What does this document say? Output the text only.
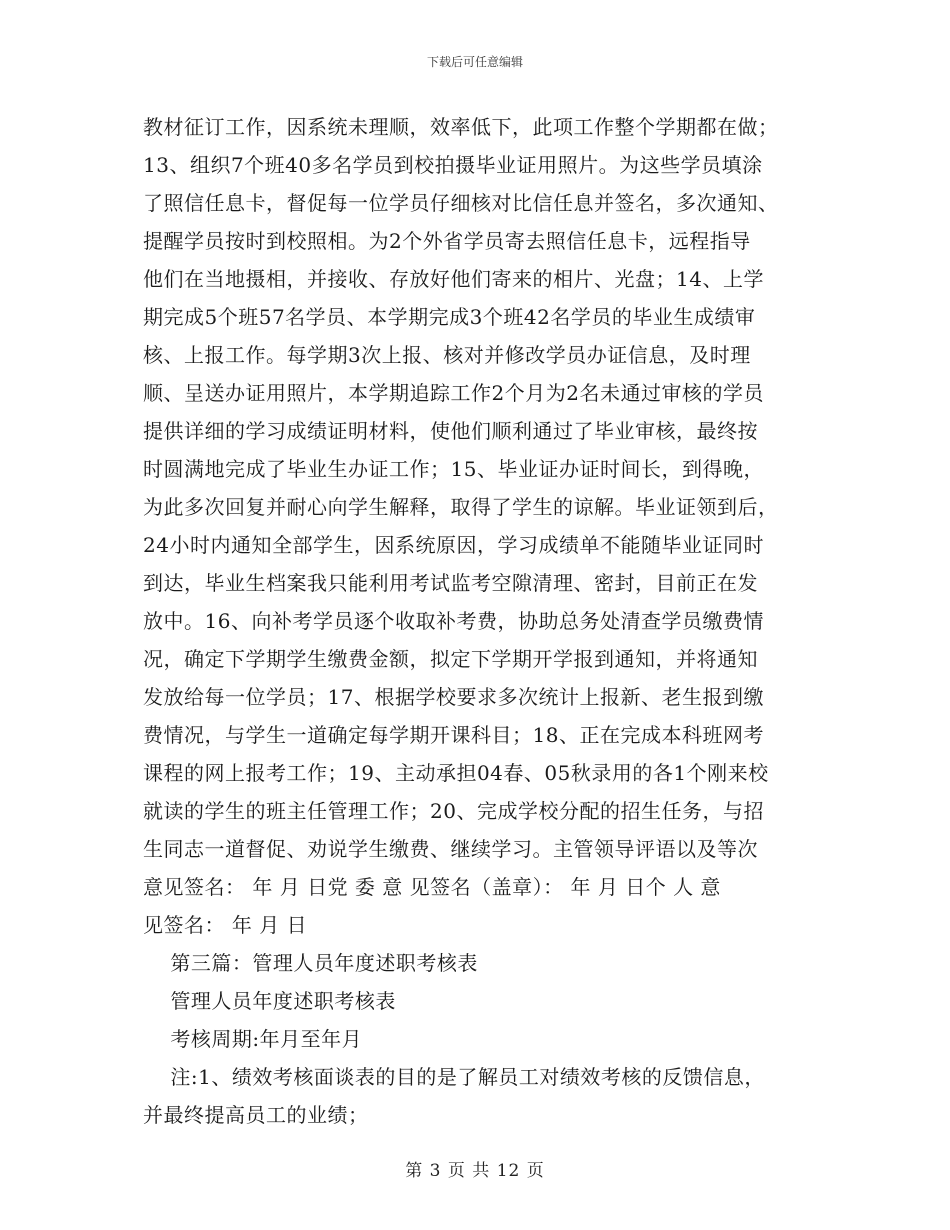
下载后可任意编辑
教材征订工作，因系统未理顺，效率低下，此项工作整个学期都在做；
13、组织7个班40多名学员到校拍摄毕业证用照片。为这些学员填涂
了照信任息卡，督促每一位学员仔细核对比信任息并签名，多次通知、
提醒学员按时到校照相。为2个外省学员寄去照信任息卡，远程指导
他们在当地摄相，并接收、存放好他们寄来的相片、光盘；14、上学
期完成5个班57名学员、本学期完成3个班42名学员的毕业生成绩审
核、上报工作。每学期3次上报、核对并修改学员办证信息，及时理
顺、呈送办证用照片，本学期追踪工作2个月为2名未通过审核的学员
提供详细的学习成绩证明材料，使他们顺利通过了毕业审核，最终按
时圆满地完成了毕业生办证工作；15、毕业证办证时间长，到得晚，
为此多次回复并耐心向学生解释，取得了学生的谅解。毕业证领到后，
24小时内通知全部学生，因系统原因，学习成绩单不能随毕业证同时
到达，毕业生档案我只能利用考试监考空隙清理、密封，目前正在发
放中。16、向补考学员逐个收取补考费，协助总务处清查学员缴费情
况，确定下学期学生缴费金额，拟定下学期开学报到通知，并将通知
发放给每一位学员；17、根据学校要求多次统计上报新、老生报到缴
费情况，与学生一道确定每学期开课科目；18、正在完成本科班网考
课程的网上报考工作；19、主动承担04春、05秋录用的各1个刚来校
就读的学生的班主任管理工作；20、完成学校分配的招生任务，与招
生同志一道督促、劝说学生缴费、继续学习。主管领导评语以及等次
意见签名： 年 月 日党 委 意 见签名（盖章）： 年 月 日个 人 意
见签名： 年 月 日
第三篇：管理人员年度述职考核表
管理人员年度述职考核表
考核周期:年月至年月
注:1、绩效考核面谈表的目的是了解员工对绩效考核的反馈信息，
并最终提高员工的业绩；
第 3 页 共 12 页
